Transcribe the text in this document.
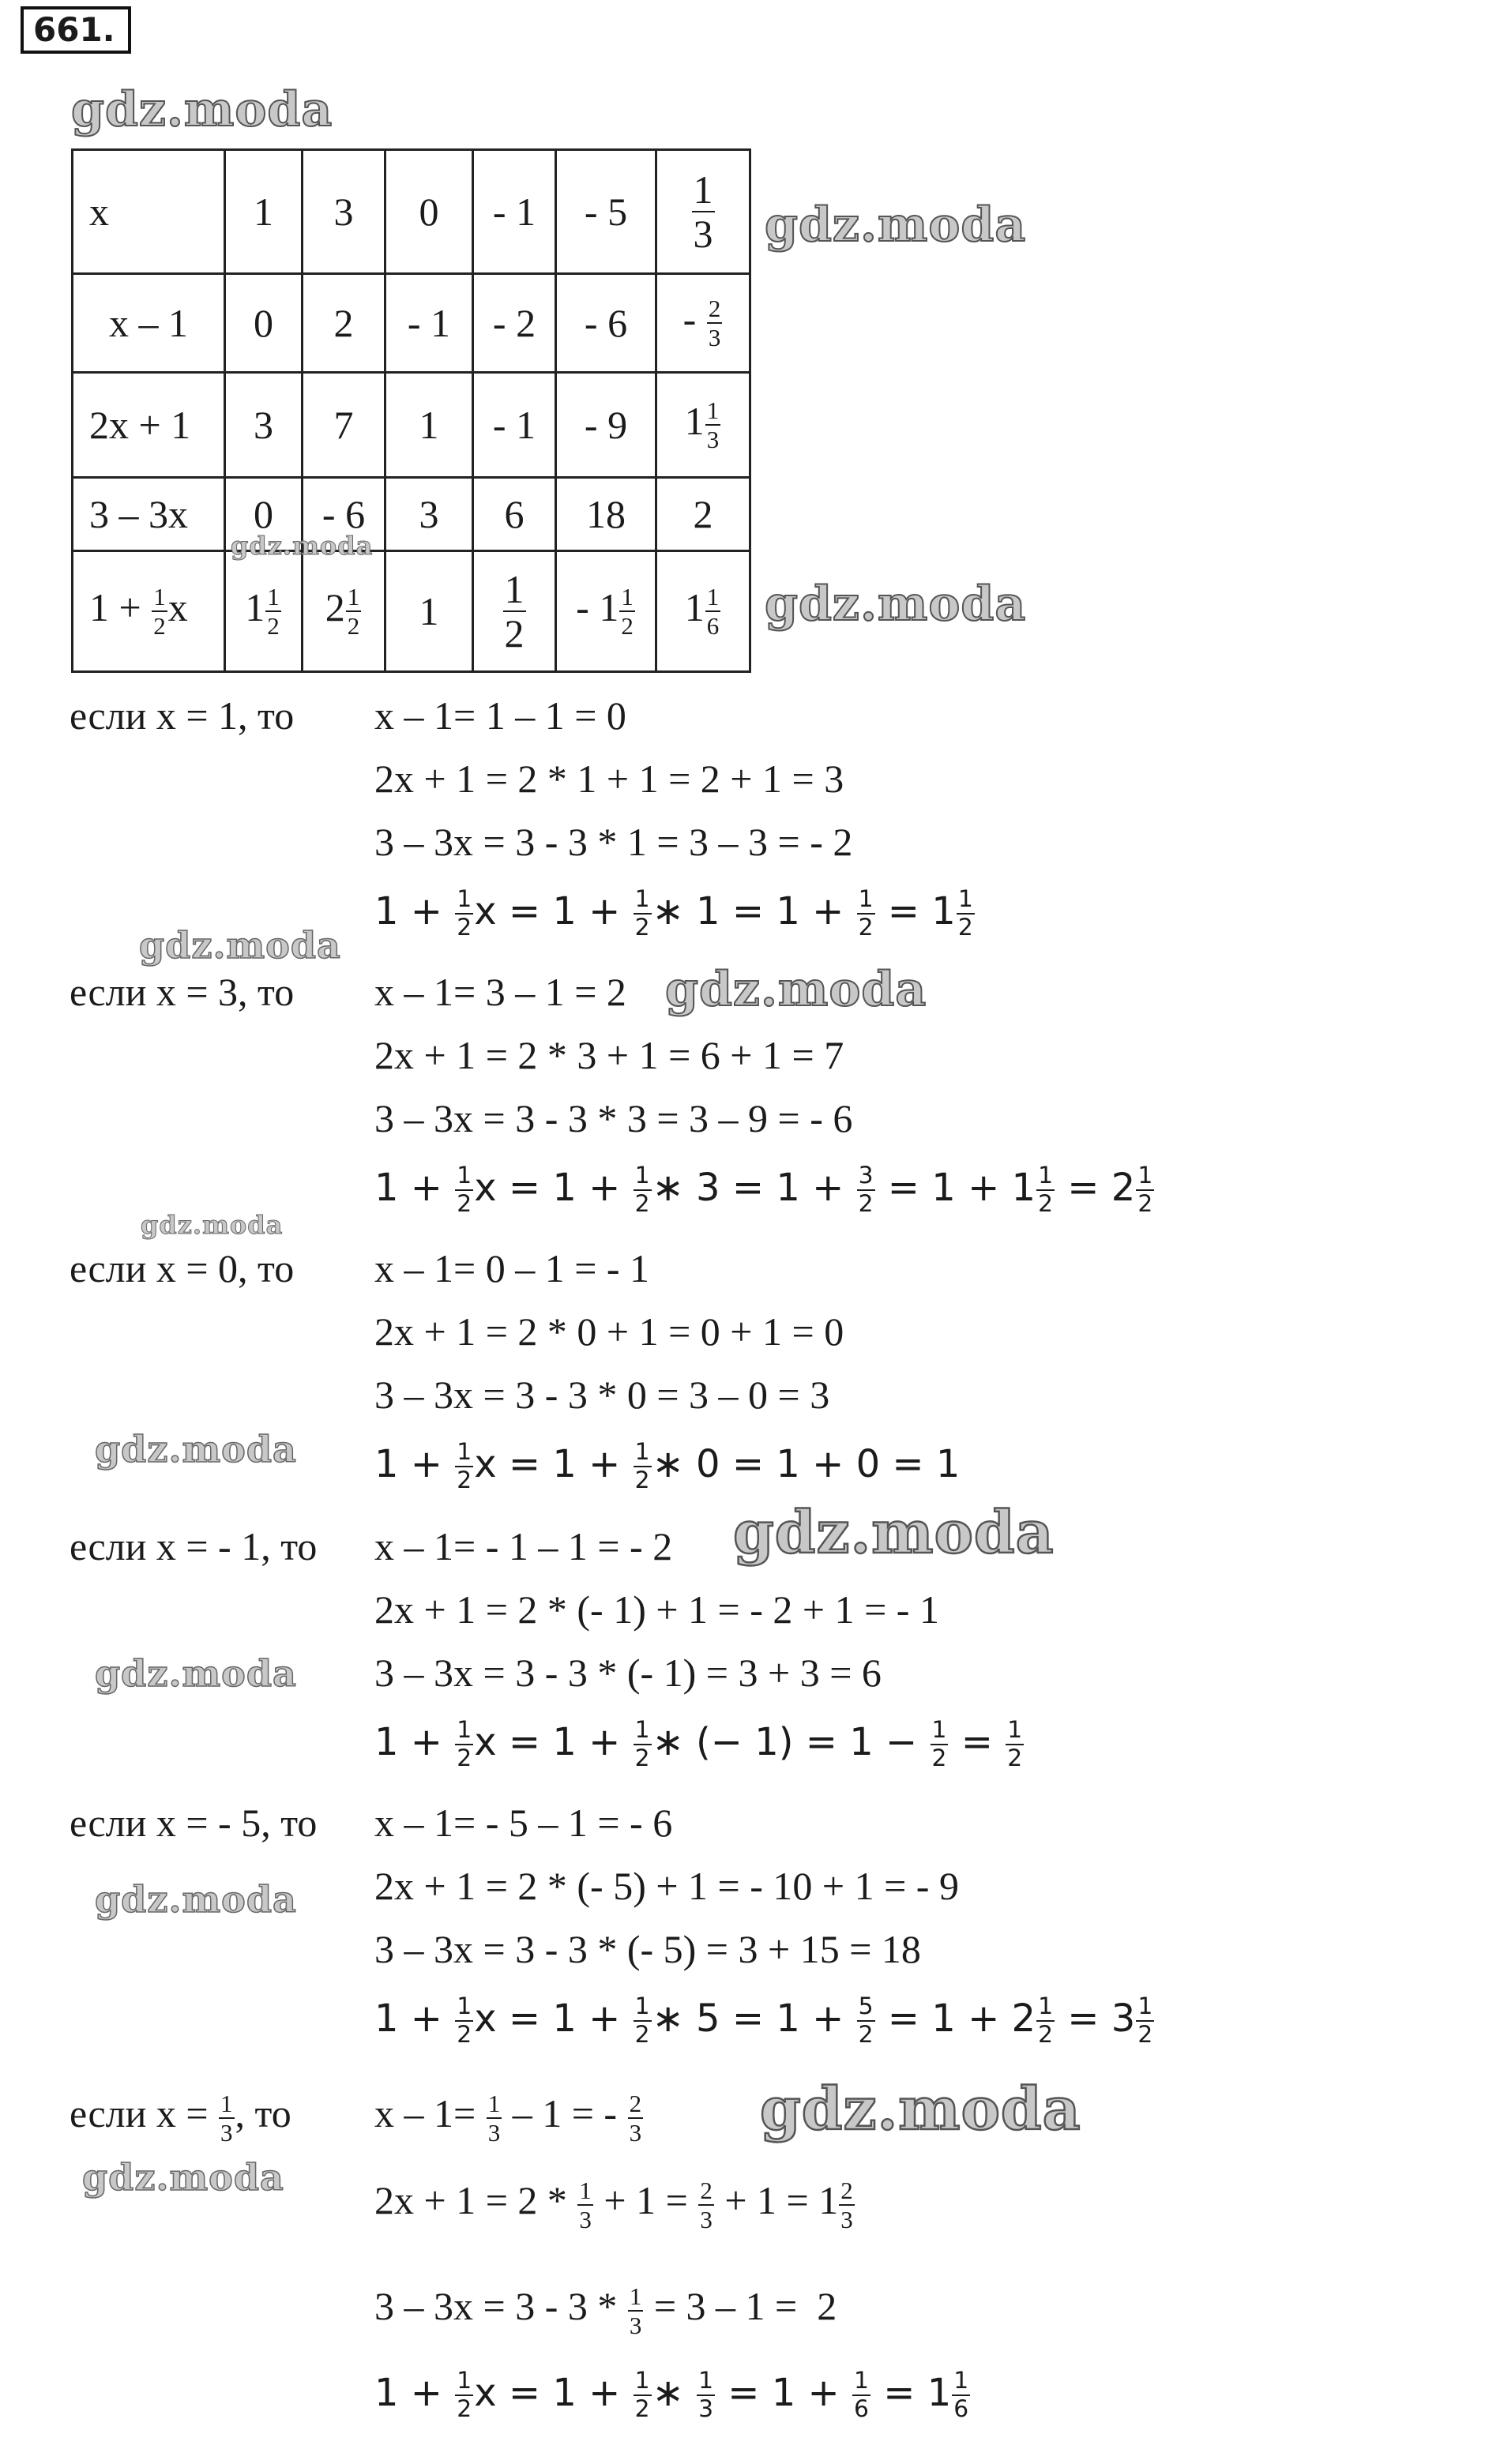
661.
gdz.moda
gdz.moda
gdz.moda
gdz.moda
gdz.moda
gdz.moda
gdz.moda
gdz.moda
gdz.moda
gdz.moda
gdz.moda
gdz.moda
gdz.moda
x	1	3	0	- 1	- 5	$\frac{1}{3}$

x – 1	0	2	- 1	- 2	- 6	- $\frac{2}{3}$

2x + 1	3	7	1	- 1	- 9	$1 \frac{1}{3}$

3 – 3x	0	- 6	3	6	18	2
$1 + \frac{1}{2}$ x	$1 \frac{1}{2}$	$2 \frac{1}{2}$	1	$\frac{1}{2}$	- $1 \frac{1}{2}$	$1 \frac{1}{6}$
если x = 1, то x – 1= 1 – 1 = 0
2x + 1 = 2 * 1 + 1 = 2 + 1 = 3
3 – 3x = 3 - 3 * 1 = 3 – 3 = - 2
$1 + \frac{1}{2}$ $x = 1 + \frac{1}{2}$ ∗ $1 = 1 + \frac{1}{2} = 1 \frac{1}{2}$
если x = 3, то x – 1= 3 – 1 = 2
2x + 1 = 2 * 3 + 1 = 6 + 1 = 7
3 – 3x = 3 - 3 * 3 = 3 – 9 = - 6
$1 + \frac{1}{2}$ $x = 1 + \frac{1}{2}$ ∗ $3 = 1 + \frac{3}{2} = 1 + 1 \frac{1}{2} = 2 \frac{1}{2}$
если x = 0, то x – 1= 0 – 1 = - 1
2x + 1 = 2 * 0 + 1 = 0 + 1 = 0
3 – 3x = 3 - 3 * 0 = 3 – 0 = 3
$1 + \frac{1}{2}$ $x = 1 + \frac{1}{2}$ ∗ 0 = 1 + 0 = 1
если x = - 1, то x – 1= - 1 – 1 = - 2
2x + 1 = 2 * (- 1) + 1 = - 2 + 1 = - 1
3 – 3x = 3 - 3 * (- 1) = 3 + 3 = 6
$1 + \frac{1}{2}$ $x = 1 + \frac{1}{2}$ ∗ (− $1) = 1 - \frac{1}{2} = \frac{1}{2}$
если x = - 5, то x – 1= - 5 – 1 = - 6
2x + 1 = 2 * (- 5) + 1 = - 10 + 1 = - 9
3 – 3x = 3 - 3 * (- 5) = 3 + 15 = 18
$1 + \frac{1}{2}$ $x = 1 + \frac{1}{2}$ ∗ $5 = 1 + \frac{5}{2} = 1 + 2 \frac{1}{2} = 3 \frac{1}{2}$
если $x = \frac{1}{3}$ , то $x - 1= \frac{1}{3} - 1$ = - $\frac{2}{3}$
$2x + 1 = 2 * \frac{1}{3} + 1 = \frac{2}{3} + 1 = 1 \frac{2}{3}$
$3 - 3x = 3 - 3 * \frac{1}{3} = 3 - 1 = 2$
$1 + \frac{1}{2}$ $x = 1 + \frac{1}{2}$ ∗ $\frac{1}{3} = 1 + \frac{1}{6} = 1 \frac{1}{6}$
